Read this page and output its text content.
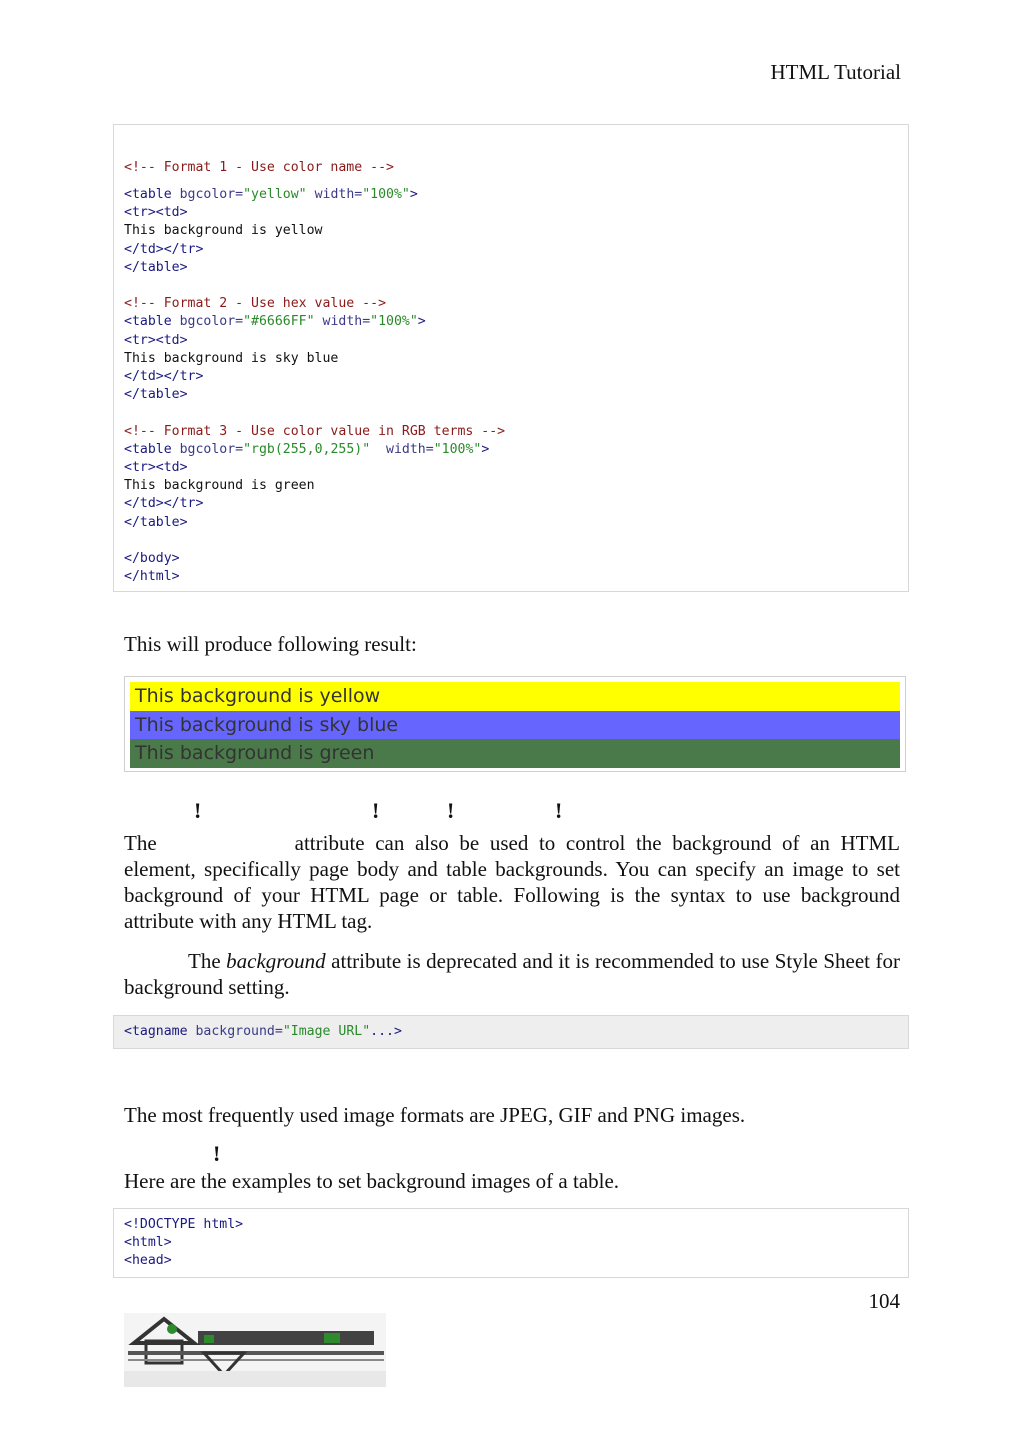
HTML Tutorial
<!-- Format 1 - Use color name -->
<table bgcolor="yellow" width="100%">
<tr><td>
This background is yellow
</td></tr>
</table>

<!-- Format 2 - Use hex value -->
<table bgcolor="#6666FF" width="100%">
<tr><td>
This background is sky blue
</td></tr>
</table>

<!-- Format 3 - Use color value in RGB terms -->
<table bgcolor="rgb(255,0,255)"  width="100%">
<tr><td>
This background is green
</td></tr>
</table>

</body>
</html>
This will produce following result:
This background is yellow
This background is sky blue
This background is green
!	!	!	!
The	attribute can also be used to control the background of an HTML element, specifically page body and table backgrounds. You can specify an image to set background of your HTML page or table. Following is the syntax to use background attribute with any HTML tag.
The background attribute is deprecated and it is recommended to use Style Sheet for background setting.
<tagname background="Image URL"...>
The most frequently used image formats are JPEG, GIF and PNG images.
!
Here are the examples to set background images of a table.
<!DOCTYPE html>
<html>
<head>
104
